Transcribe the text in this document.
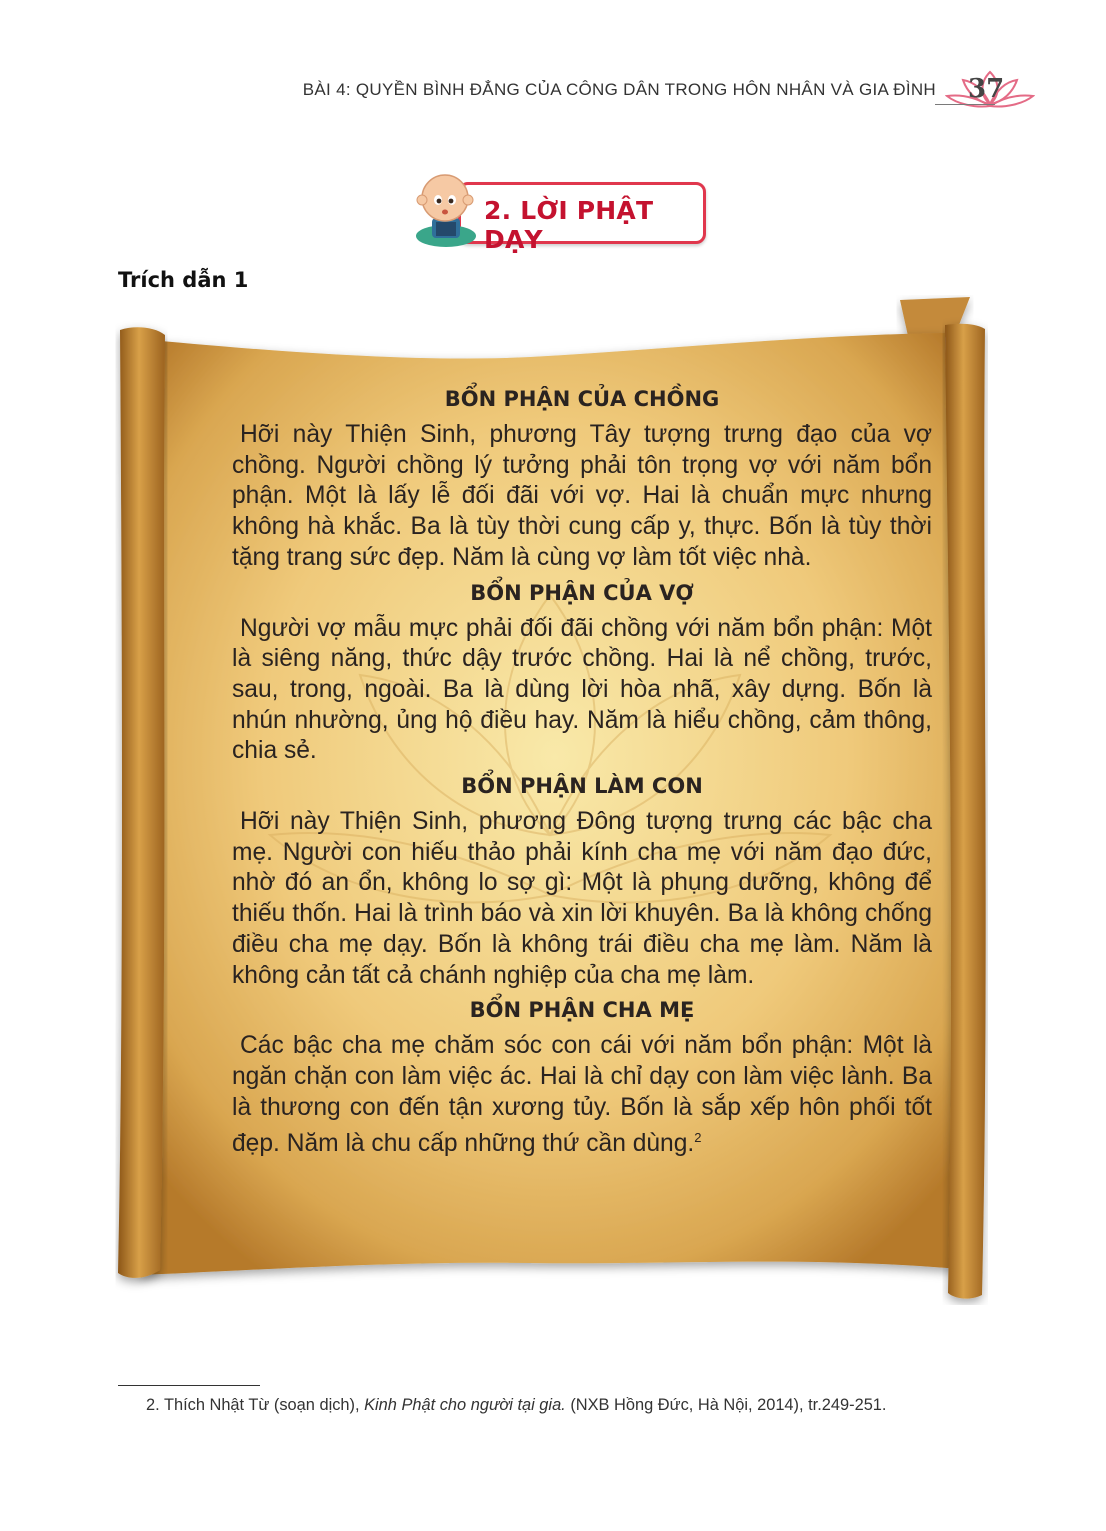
BÀI 4: QUYỀN BÌNH ĐẲNG CỦA CÔNG DÂN TRONG HÔN NHÂN VÀ GIA ĐÌNH 37
2. LỜI PHẬT DẠY
Trích dẫn 1
BỔN PHẬN CỦA CHỒNG

Hỡi này Thiện Sinh, phương Tây tượng trưng đạo của vợ chồng. Người chồng lý tưởng phải tôn trọng vợ với năm bổn phận. Một là lấy lễ đối đãi với vợ. Hai là chuẩn mực nhưng không hà khắc. Ba là tùy thời cung cấp y, thực. Bốn là tùy thời tặng trang sức đẹp. Năm là cùng vợ làm tốt việc nhà.

BỔN PHẬN CỦA VỢ

Người vợ mẫu mực phải đối đãi chồng với năm bổn phận: Một là siêng năng, thức dậy trước chồng. Hai là nể chồng, trước, sau, trong, ngoài. Ba là dùng lời hòa nhã, xây dựng. Bốn là nhún nhường, ủng hộ điều hay. Năm là hiểu chồng, cảm thông, chia sẻ.

BỔN PHẬN LÀM CON

Hỡi này Thiện Sinh, phương Đông tượng trưng các bậc cha mẹ. Người con hiếu thảo phải kính cha mẹ với năm đạo đức, nhờ đó an ổn, không lo sợ gì: Một là phụng dưỡng, không để thiếu thốn. Hai là trình báo và xin lời khuyên. Ba là không chống điều cha mẹ dạy. Bốn là không trái điều cha mẹ làm. Năm là không cản tất cả chánh nghiệp của cha mẹ làm.

BỔN PHẬN CHA MẸ

Các bậc cha mẹ chăm sóc con cái với năm bổn phận: Một là ngăn chặn con làm việc ác. Hai là chỉ dạy con làm việc lành. Ba là thương con đến tận xương tủy. Bốn là sắp xếp hôn phối tốt đẹp. Năm là chu cấp những thứ cần dùng.$^2$

2. Thích Nhật Từ (soạn dịch), Kinh Phật cho người tại gia. (NXB Hồng Đức, Hà Nội, 2014), tr.249-251.
